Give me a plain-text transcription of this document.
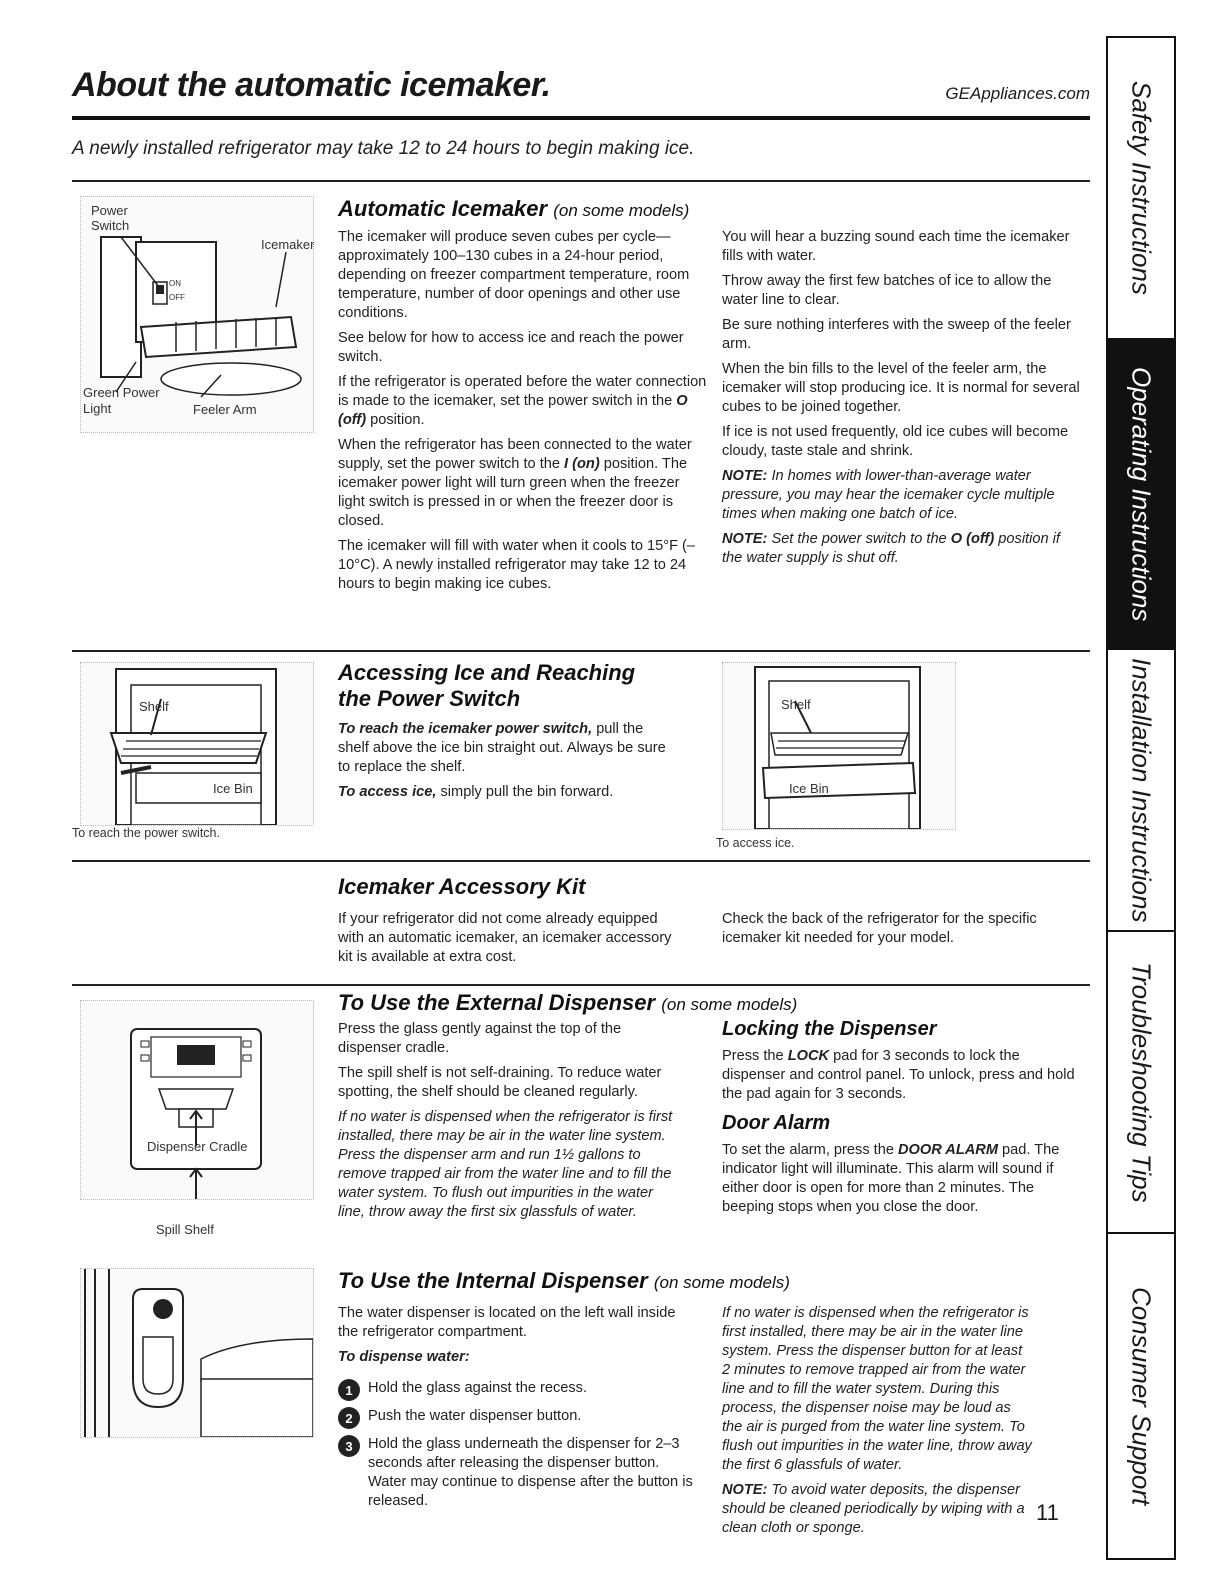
About the automatic icemaker.	GEAppliances.com
A newly installed refrigerator may take 12 to 24 hours to begin making ice.
Power Switch
Icemaker
Green Power Light	Feeler Arm
ON
OFF
Automatic Icemaker (on some models)

The icemaker will produce seven cubes per cycle—approximately 100–130 cubes in a 24-hour period, depending on freezer compartment temperature, room temperature, number of door openings and other use conditions.

See below for how to access ice and reach the power switch.

If the refrigerator is operated before the water connection is made to the icemaker, set the power switch in the O (off) position.

When the refrigerator has been connected to the water supply, set the power switch to the I (on) position. The icemaker power light will turn green when the freezer light switch is pressed in or when the freezer door is closed.

The icemaker will fill with water when it cools to 15°F (–10°C). A newly installed refrigerator may take 12 to 24 hours to begin making ice cubes.

You will hear a buzzing sound each time the icemaker fills with water.

Throw away the first few batches of ice to allow the water line to clear.

Be sure nothing interferes with the sweep of the feeler arm.

When the bin fills to the level of the feeler arm, the icemaker will stop producing ice. It is normal for several cubes to be joined together.

If ice is not used frequently, old ice cubes will become cloudy, taste stale and shrink.

NOTE: In homes with lower-than-average water pressure, you may hear the icemaker cycle multiple times when making one batch of ice.

NOTE: Set the power switch to the O (off) position if the water supply is shut off.

Shelf
Ice Bin
To reach the power switch.
Accessing Ice and Reaching
the Power Switch

To reach the icemaker power switch, pull the shelf above the ice bin straight out. Always be sure to replace the shelf.

To access ice, simply pull the bin forward.

Shelf
Ice Bin
To access ice.
Icemaker Accessory Kit
If your refrigerator did not come already equipped with an automatic icemaker, an icemaker accessory kit is available at extra cost.
Check the back of the refrigerator for the specific icemaker kit needed for your model.
Dispenser Cradle
Spill Shelf
To Use the External Dispenser (on some models)

Press the glass gently against the top of the dispenser cradle.

The spill shelf is not self-draining. To reduce water spotting, the shelf should be cleaned regularly.

If no water is dispensed when the refrigerator is first installed, there may be air in the water line system. Press the dispenser arm and run 1½ gallons to remove trapped air from the water line and to fill the water system. To flush out impurities in the water line, throw away the first six glassfuls of water.

Locking the Dispenser
Press the LOCK pad for 3 seconds to lock the dispenser and control panel. To unlock, press and hold the pad again for 3 seconds.
Door Alarm
To set the alarm, press the DOOR ALARM pad. The indicator light will illuminate. This alarm will sound if either door is open for more than 2 minutes. The beeping stops when you close the door.
To Use the Internal Dispenser (on some models)

The water dispenser is located on the left wall inside the refrigerator compartment.

To dispense water:

1	Hold the glass against the recess.
2	Push the water dispenser button.
3	Hold the glass underneath the dispenser for 2–3 seconds after releasing the dispenser button. Water may continue to dispense after the button is released.

If no water is dispensed when the refrigerator is first installed, there may be air in the water line system. Press the dispenser button for at least 2 minutes to remove trapped air from the water line and to fill the water system. During this process, the dispenser noise may be loud as the air is purged from the water line system. To flush out impurities in the water line, throw away the first 6 glassfuls of water.

NOTE: To avoid water deposits, the dispenser should be cleaned periodically by wiping with a clean cloth or sponge.

11
Safety Instructions
Operating Instructions
Installation Instructions
Troubleshooting Tips
Consumer Support
